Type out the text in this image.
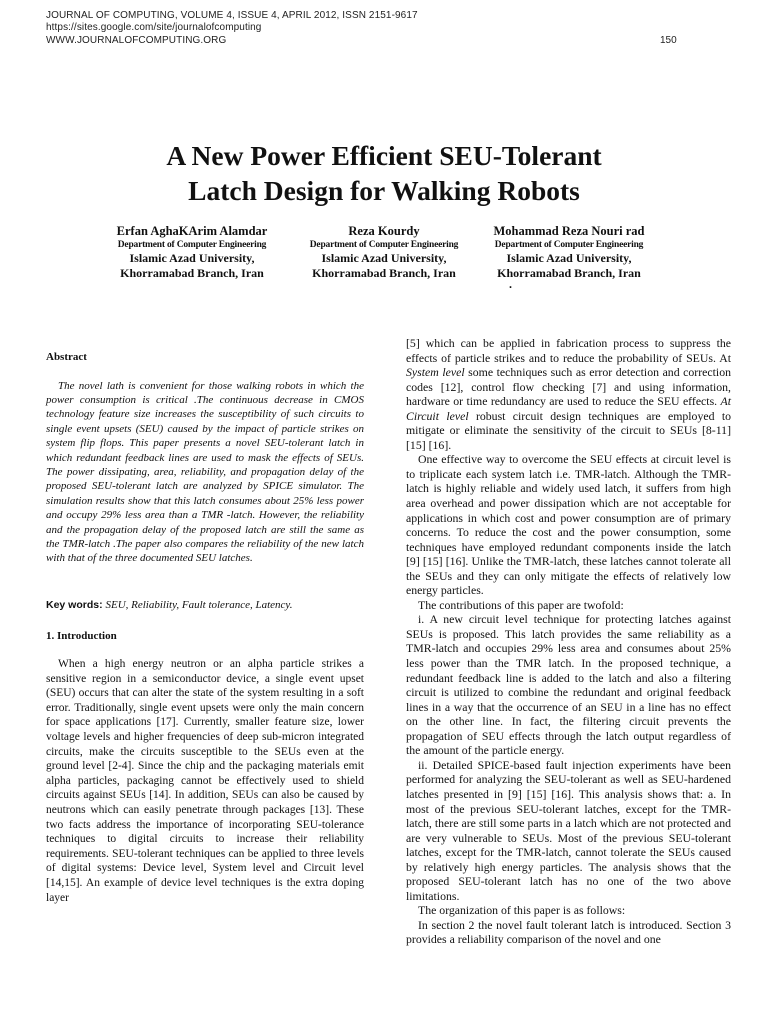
JOURNAL OF COMPUTING, VOLUME 4, ISSUE 4, APRIL 2012, ISSN 2151-9617
https://sites.google.com/site/journalofcomputing
WWW.JOURNALOFCOMPUTING.ORG	150
A New Power Efficient SEU-Tolerant
Latch Design for Walking Robots
Erfan AghaKArim Alamdar
Department of Computer Engineering
Islamic Azad University,
Khorramabad Branch, Iran
Reza Kourdy
Department of Computer Engineering
Islamic Azad University,
Khorramabad Branch, Iran
Mohammad Reza Nouri rad
Department of Computer Engineering
Islamic Azad University,
Khorramabad Branch, Iran
.

Abstract

The novel lath is convenient for those walking robots in which the power consumption is critical .The continuous decrease in CMOS technology feature size increases the susceptibility of such circuits to single event upsets (SEU) caused by the impact of particle strikes on system flip flops. This paper presents a novel SEU-tolerant latch in which redundant feedback lines are used to mask the effects of SEUs. The power dissipating, area, reliability, and propagation delay of the proposed SEU-tolerant latch are analyzed by SPICE simulator. The simulation results show that this latch consumes about 25% less power and occupy 29% less area than a TMR -latch. However, the reliability and the propagation delay of the proposed latch are still the same as the TMR-latch .The paper also compares the reliability of the new latch with that of the three documented SEU latches.

Key words: SEU, Reliability, Fault tolerance, Latency.

1. Introduction

When a high energy neutron or an alpha particle strikes a sensitive region in a semiconductor device, a single event upset (SEU) occurs that can alter the state of the system resulting in a soft error. Traditionally, single event upsets were only the main concern for space applications [17]. Currently, smaller feature size, lower voltage levels and higher frequencies of deep sub-micron integrated circuits, make the circuits susceptible to the SEUs even at the ground level [2-4]. Since the chip and the packaging materials emit alpha particles, packaging cannot be effectively used to shield circuits against SEUs [14]. In addition, SEUs can also be caused by neutrons which can easily penetrate through packages [13]. These two facts address the importance of incorporating SEU-tolerance techniques to digital circuits to increase their reliability requirements. SEU-tolerant techniques can be applied to three levels of digital systems: Device level, System level and Circuit level [14,15]. An example of device level techniques is the extra doping layer

[5] which can be applied in fabrication process to suppress the effects of particle strikes and to reduce the probability of SEUs. At System level some techniques such as error detection and correction codes [12], control flow checking [7] and using information, hardware or time redundancy are used to reduce the SEU effects. At Circuit level robust circuit design techniques are employed to mitigate or eliminate the sensitivity of the circuit to SEUs [8-11] [15] [16].

One effective way to overcome the SEU effects at circuit level is to triplicate each system latch i.e. TMR-latch. Although the TMR-latch is highly reliable and widely used latch, it suffers from high area overhead and power dissipation which are not acceptable for applications in which cost and power consumption are of primary concerns. To reduce the cost and the power consumption, some techniques have employed redundant components inside the latch [9] [15] [16]. Unlike the TMR-latch, these latches cannot tolerate all the SEUs and they can only mitigate the effects of relatively low energy particles.

The contributions of this paper are twofold:

i. A new circuit level technique for protecting latches against SEUs is proposed. This latch provides the same reliability as a TMR-latch and occupies 29% less area and consumes about 25% less power than the TMR latch. In the proposed technique, a redundant feedback line is added to the latch and also a filtering circuit is utilized to combine the redundant and original feedback lines in a way that the occurrence of an SEU in a line has no effect on the other line. In fact, the filtering circuit prevents the propagation of SEU effects through the latch output regardless of the amount of the particle energy.

ii. Detailed SPICE-based fault injection experiments have been performed for analyzing the SEU-tolerant as well as SEU-hardened latches presented in [9] [15] [16]. This analysis shows that: a. In most of the previous SEU-tolerant latches, except for the TMR-latch, there are still some parts in a latch which are not protected and are very vulnerable to SEUs. Most of the previous SEU-tolerant latches, except for the TMR-latch, cannot tolerate the SEUs caused by relatively high energy particles. The analysis shows that the proposed SEU-tolerant latch has no one of the two above limitations.

The organization of this paper is as follows:

In section 2 the novel fault tolerant latch is introduced. Section 3 provides a reliability comparison of the novel and one
